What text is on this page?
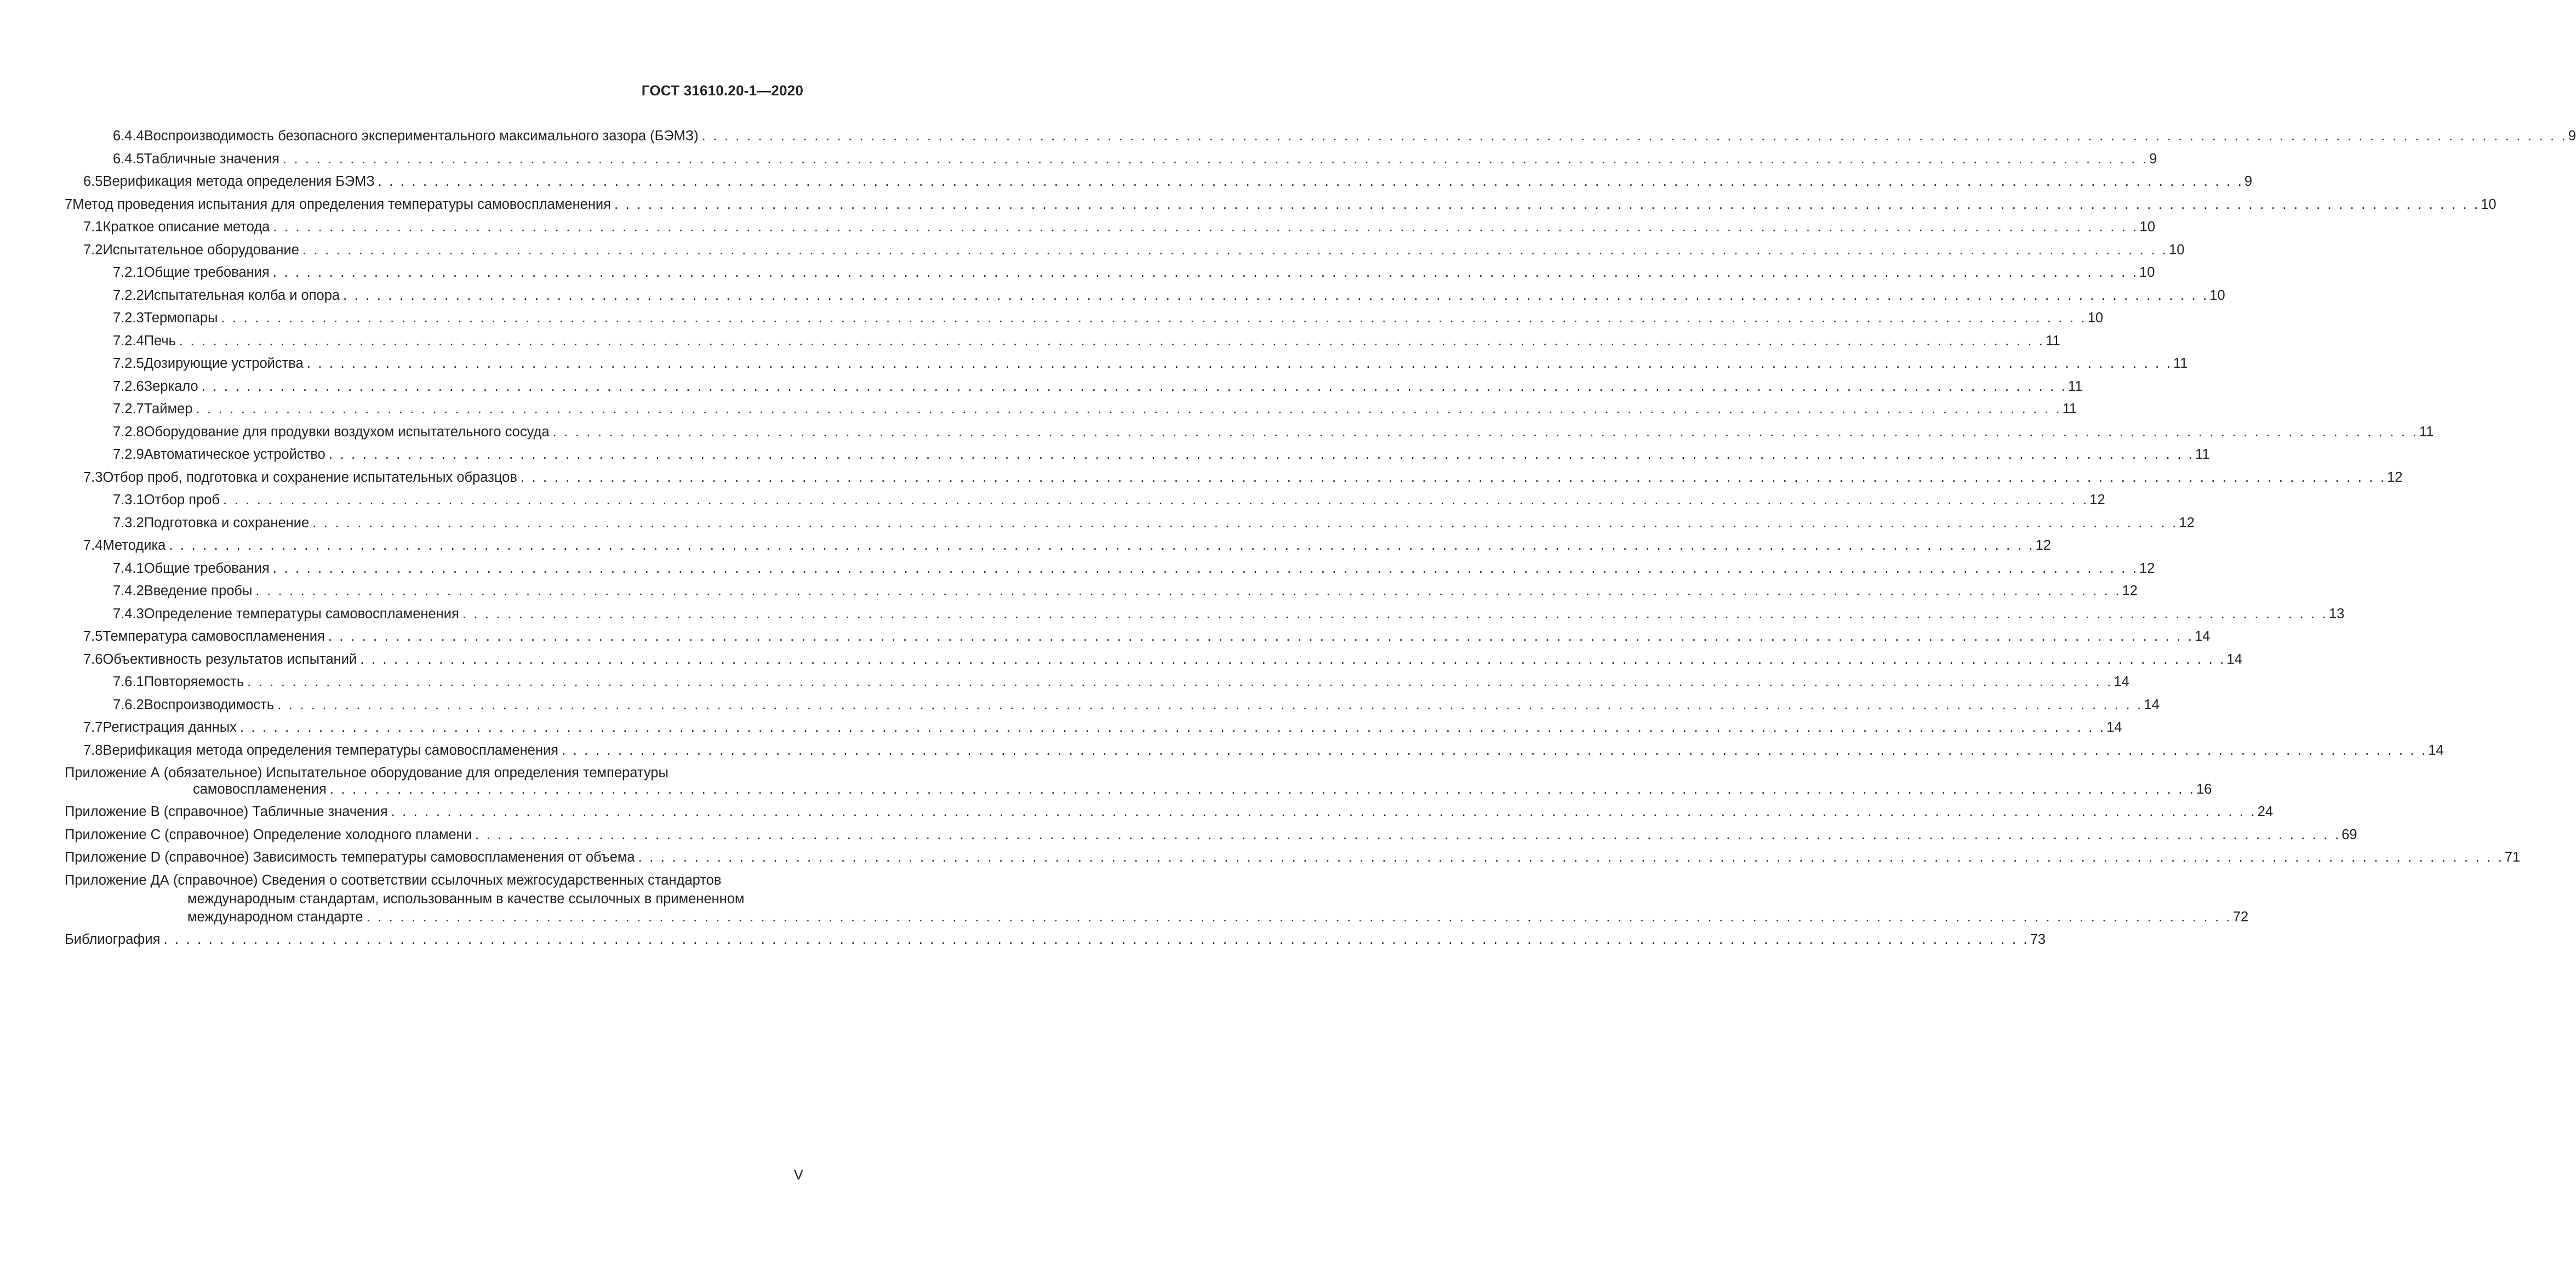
ГОСТ 31610.20-1—2020
6.4.4 Воспроизводимость безопасного экспериментального максимального зазора (БЭМЗ) . . .	9
6.4.5 Табличные значения . . .	9
6.5 Верификация метода определения БЭМЗ . . .	9
7 Метод проведения испытания для определения температуры самовоспламенения . . .	10
7.1 Краткое описание метода . . .	10
7.2 Испытательное оборудование . . .	10
7.2.1 Общие требования . . .	10
7.2.2 Испытательная колба и опора . . .	10
7.2.3 Термопары . . .	10
7.2.4 Печь . . .	11
7.2.5 Дозирующие устройства . . .	11
7.2.6 Зеркало . . .	11
7.2.7 Таймер . . .	11
7.2.8 Оборудование для продувки воздухом испытательного сосуда . . .	11
7.2.9 Автоматическое устройство . . .	11
7.3 Отбор проб, подготовка и сохранение испытательных образцов . . .	12
7.3.1 Отбор проб . . .	12
7.3.2 Подготовка и сохранение . . .	12
7.4 Методика . . .	12
7.4.1 Общие требования . . .	12
7.4.2 Введение пробы . . .	12
7.4.3 Определение температуры самовоспламенения . . .	13
7.5 Температура самовоспламенения . . .	14
7.6 Объективность результатов испытаний . . .	14
7.6.1 Повторяемость . . .	14
7.6.2 Воспроизводимость . . .	14
7.7 Регистрация данных . . .	14
7.8 Верификация метода определения температуры самовоспламенения . . .	14
Приложение А (обязательное) Испытательное оборудование для определения температуры
самовоспламенения . . .	16
Приложение В (справочное) Табличные значения . . .	24
Приложение С (справочное) Определение холодного пламени . . .	69
Приложение D (справочное) Зависимость температуры самовоспламенения от объема . . .	71
Приложение ДА (справочное) Сведения о соответствии ссылочных межгосударственных стандартов
международным стандартам, использованным в качестве ссылочных в примененном
международном стандарте . . .	72
Библиография . . .	73
V
